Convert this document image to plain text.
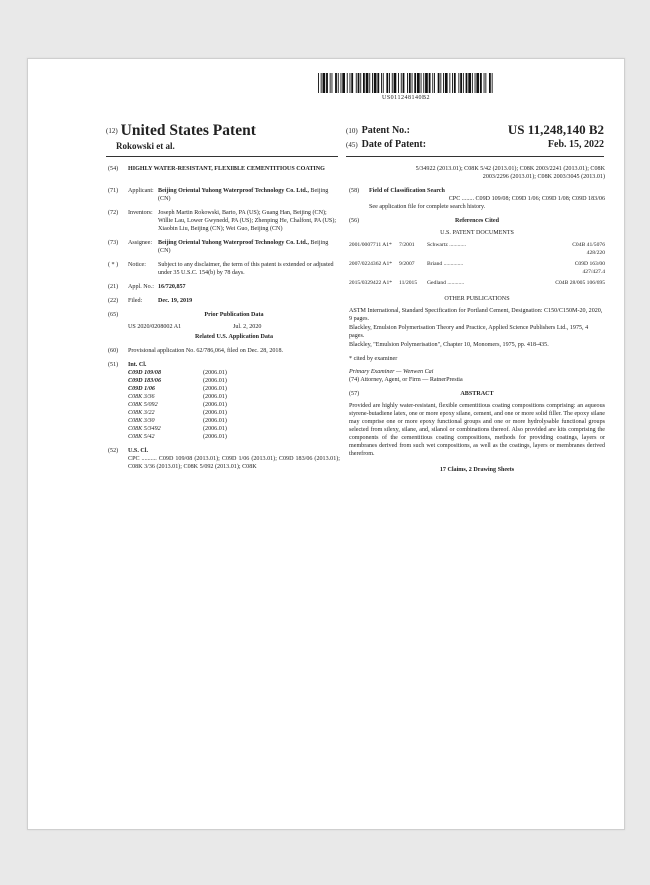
US011248140B2
(12) United States Patent
Rokowski et al.
(10) Patent No.:	US 11,248,140 B2
(45) Date of Patent:	Feb. 15, 2022
(54) HIGHLY WATER-RESISTANT, FLEXIBLE CEMENTITIOUS COATING
(71) Applicant: Beijing Oriental Yuhong Waterproof Technology Co. Ltd., Beijing (CN)
(72) Inventors: Joseph Martin Rokowski, Barto, PA (US); Guang Han, Beijing (CN); Willie Lau, Lower Gwynedd, PA (US); Zhenping He, Chalfont, PA (US); Xiaobin Liu, Beijing (CN); Wei Guo, Beijing (CN)
(73) Assignee: Beijing Oriental Yuhong Waterproof Technology Co. Ltd., Beijing (CN)
( * ) Notice: Subject to any disclaimer, the term of this patent is extended or adjusted under 35 U.S.C. 154(b) by 78 days.
(21) Appl. No.: 16/720,857
(22) Filed:	Dec. 19, 2019
(65)	Prior Publication Data
US 2020/0208002 A1	Jul. 2, 2020
Related U.S. Application Data
(60) Provisional application No. 62/786,064, filed on Dec. 28, 2018.
(51) Int. Cl.
C09D 109/08	(2006.01)
C09D 183/06	(2006.01)
C09D 1/06	(2006.01)
C08K 3/36	(2006.01)
C08K 5/092	(2006.01)
C08K 3/22	(2006.01)
C08K 3/30	(2006.01)
C08K 5/3492	(2006.01)
C08K 5/42	(2006.01)
(52) U.S. Cl.
CPC .......... C09D 109/08 (2013.01); C09D 1/06 (2013.01); C09D 183/06 (2013.01); C08K 3/36 (2013.01); C08K 5/092 (2013.01); C08K
5/34922 (2013.01); C08K 5/42 (2013.01); C08K 2003/2241 (2013.01); C08K 2003/2296 (2013.01); C08K 2003/3045 (2013.01)
(58) Field of Classification Search
CPC ........ C09D 109/08; C09D 1/06; C09D 1/08; C09D 183/06
See application file for complete search history.
(56)	References Cited
U.S. PATENT DOCUMENTS
2001/0007711 A1*	7/2001	Schwartz ............	C04B 41/5076 428/220
2007/0224362 A1*	9/2007	Briand ..............	C09D 163/00 427/427.4
2015/0329422 A1*	11/2015	Gedland ............	C04B 28/005 106/695
OTHER PUBLICATIONS
ASTM International, Standard Specification for Portland Cement, Designation: C150/C150M-20, 2020, 9 pages.
Blackley, Emulsion Polymerisation Theory and Practice, Applied Science Publishers Ltd., 1975, 4 pages.
Blackley, "Emulsion Polymerisation", Chapter 10, Monomers, 1975, pp. 418-435.
* cited by examiner
Primary Examiner — Wenwen Cai
(74) Attorney, Agent, or Firm — RatnerPrestia
(57)	ABSTRACT
Provided are highly water-resistant, flexible cementitious coating compositions comprising: an aqueous styrene-butadiene latex, one or more epoxy silane, cement, and one or more solid filler. The epoxy silane may comprise one or more epoxy functional groups and one or more hydrolysable functional groups selected from silexy, silane, and, silanol or combinations thereof. Also provided are kits comprising the components of the cementitious coating compositions, methods for providing coatings, layers or membranes derived from such wet compositions, as well as the coatings, layers or membranes derived therefrom.
17 Claims, 2 Drawing Sheets
